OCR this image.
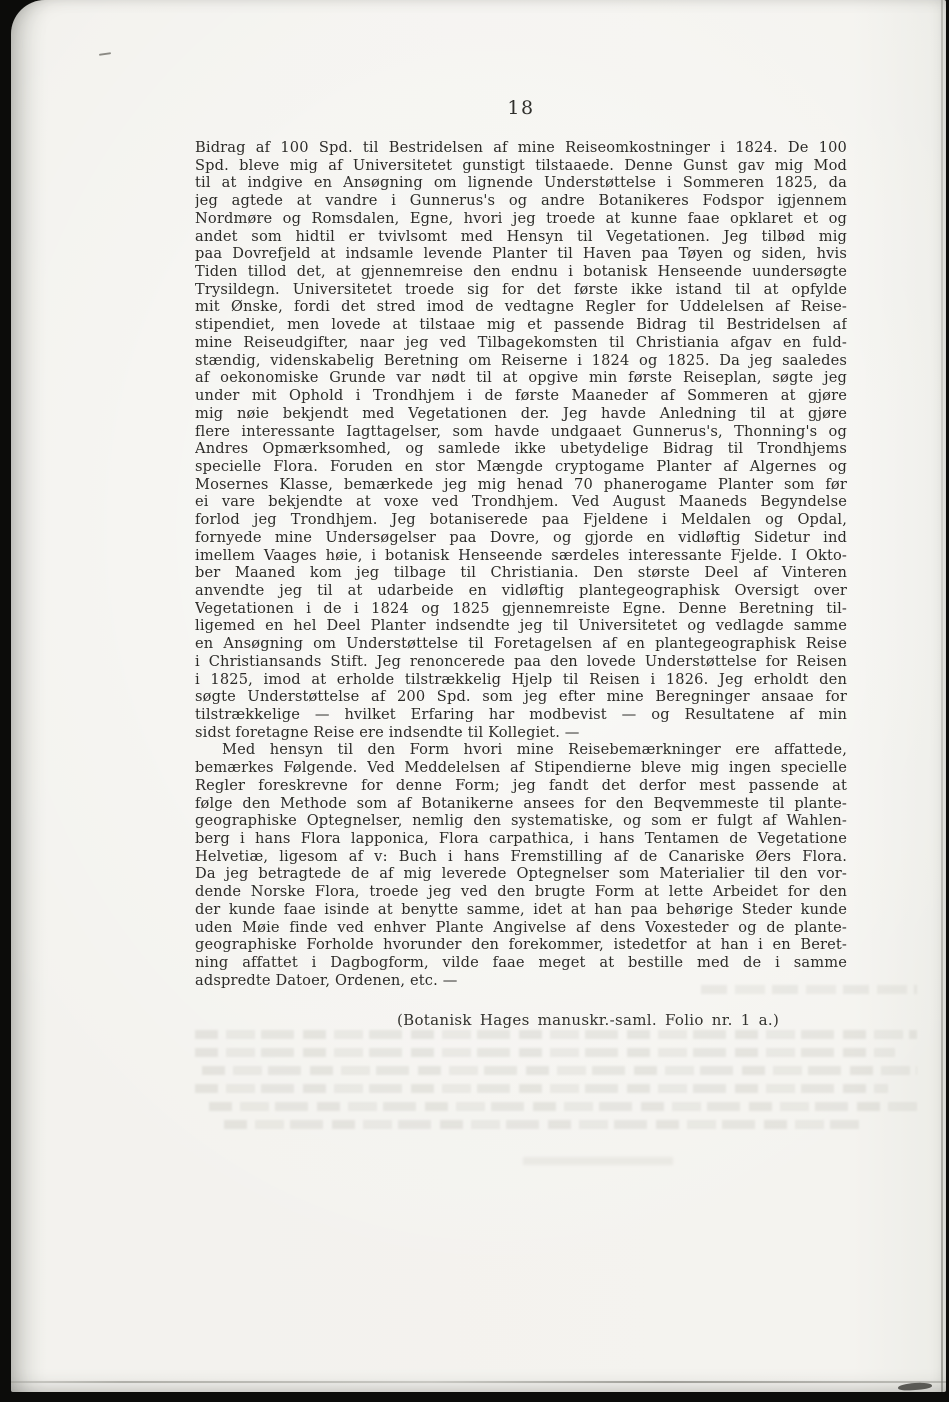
18
Bidrag af 100 Spd. til Bestridelsen af mine Reiseomkostninger i 1824. De 100
Spd. bleve mig af Universitetet gunstigt tilstaaede. Denne Gunst gav mig Mod
til at indgive en Ansøgning om lignende Understøttelse i Sommeren 1825, da
jeg agtede at vandre i Gunnerus's og andre Botanikeres Fodspor igjennem
Nordmøre og Romsdalen, Egne, hvori jeg troede at kunne faae opklaret et og
andet som hidtil er tvivlsomt med Hensyn til Vegetationen. Jeg tilbød mig
paa Dovrefjeld at indsamle levende Planter til Haven paa Tøyen og siden, hvis
Tiden tillod det, at gjennemreise den endnu i botanisk Henseende uundersøgte
Trysildegn. Universitetet troede sig for det første ikke istand til at opfylde
mit Ønske, fordi det stred imod de vedtagne Regler for Uddelelsen af Reise-
stipendiet, men lovede at tilstaae mig et passende Bidrag til Bestridelsen af
mine Reiseudgifter, naar jeg ved Tilbagekomsten til Christiania afgav en fuld-
stændig, videnskabelig Beretning om Reiserne i 1824 og 1825. Da jeg saaledes
af oekonomiske Grunde var nødt til at opgive min første Reiseplan, søgte jeg
under mit Ophold i Trondhjem i de første Maaneder af Sommeren at gjøre
mig nøie bekjendt med Vegetationen der. Jeg havde Anledning til at gjøre
flere interessante Iagttagelser, som havde undgaaet Gunnerus's, Thonning's og
Andres Opmærksomhed, og samlede ikke ubetydelige Bidrag til Trondhjems
specielle Flora. Foruden en stor Mængde cryptogame Planter af Algernes og
Mosernes Klasse, bemærkede jeg mig henad 70 phanerogame Planter som før
ei vare bekjendte at voxe ved Trondhjem. Ved August Maaneds Begyndelse
forlod jeg Trondhjem. Jeg botaniserede paa Fjeldene i Meldalen og Opdal,
fornyede mine Undersøgelser paa Dovre, og gjorde en vidløftig Sidetur ind
imellem Vaages høie, i botanisk Henseende særdeles interessante Fjelde. I Okto-
ber Maaned kom jeg tilbage til Christiania. Den største Deel af Vinteren
anvendte jeg til at udarbeide en vidløftig plantegeographisk Oversigt over
Vegetationen i de i 1824 og 1825 gjennemreiste Egne. Denne Beretning til-
ligemed en hel Deel Planter indsendte jeg til Universitetet og vedlagde samme
en Ansøgning om Understøttelse til Foretagelsen af en plantegeographisk Reise
i Christiansands Stift. Jeg renoncerede paa den lovede Understøttelse for Reisen
i 1825, imod at erholde tilstrækkelig Hjelp til Reisen i 1826. Jeg erholdt den
søgte Understøttelse af 200 Spd. som jeg efter mine Beregninger ansaae for
tilstrækkelige — hvilket Erfaring har modbevist — og Resultatene af min
sidst foretagne Reise ere indsendte til Kollegiet. —
Med hensyn til den Form hvori mine Reisebemærkninger ere affattede,
bemærkes Følgende. Ved Meddelelsen af Stipendierne bleve mig ingen specielle
Regler foreskrevne for denne Form; jeg fandt det derfor mest passende at
følge den Methode som af Botanikerne ansees for den Beqvemmeste til plante-
geographiske Optegnelser, nemlig den systematiske, og som er fulgt af Wahlen-
berg i hans Flora lapponica, Flora carpathica, i hans Tentamen de Vegetatione
Helvetiæ, ligesom af v: Buch i hans Fremstilling af de Canariske Øers Flora.
Da jeg betragtede de af mig leverede Optegnelser som Materialier til den vor-
dende Norske Flora, troede jeg ved den brugte Form at lette Arbeidet for den
der kunde faae isinde at benytte samme, idet at han paa behørige Steder kunde
uden Møie finde ved enhver Plante Angivelse af dens Voxesteder og de plante-
geographiske Forholde hvorunder den forekommer, istedetfor at han i en Beret-
ning affattet i Dagbogform, vilde faae meget at bestille med de i samme
adspredte Datoer, Ordenen, etc. —
(Botanisk Hages manuskr.-saml. Folio nr. 1 a.)
